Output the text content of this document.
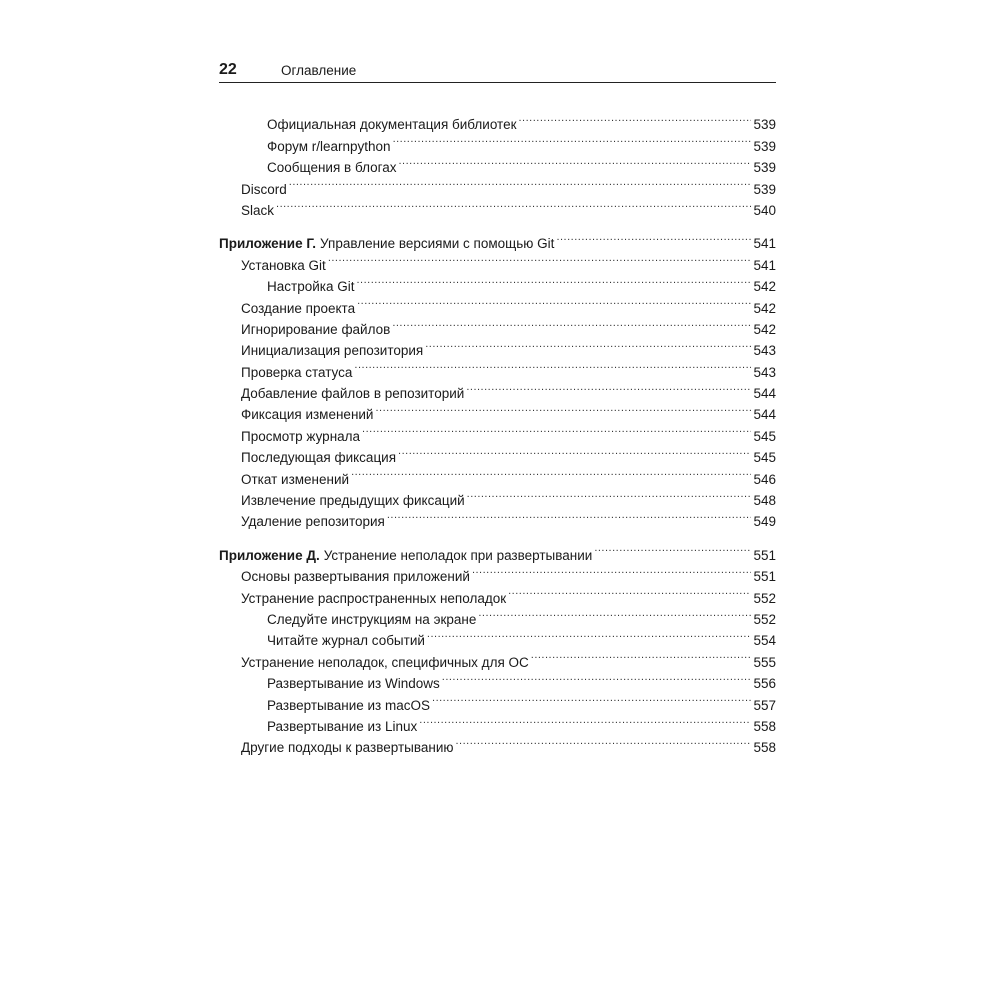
22	Оглавление
Официальная документация библиотек .....	539
Форум r/learnpython .....	539
Сообщения в блогах .....	539
Discord .....	539
Slack .....	540
Приложение Г. Управление версиями с помощью Git .....	541
Установка Git .....	541
Настройка Git .....	542
Создание проекта .....	542
Игнорирование файлов .....	542
Инициализация репозитория .....	543
Проверка статуса .....	543
Добавление файлов в репозиторий .....	544
Фиксация изменений .....	544
Просмотр журнала .....	545
Последующая фиксация .....	545
Откат изменений .....	546
Извлечение предыдущих фиксаций .....	548
Удаление репозитория .....	549
Приложение Д. Устранение неполадок при развертывании .....	551
Основы развертывания приложений .....	551
Устранение распространенных неполадок .....	552
Следуйте инструкциям на экране .....	552
Читайте журнал событий .....	554
Устранение неполадок, специфичных для ОС .....	555
Развертывание из Windows .....	556
Развертывание из macOS .....	557
Развертывание из Linux .....	558
Другие подходы к развертыванию .....	558
